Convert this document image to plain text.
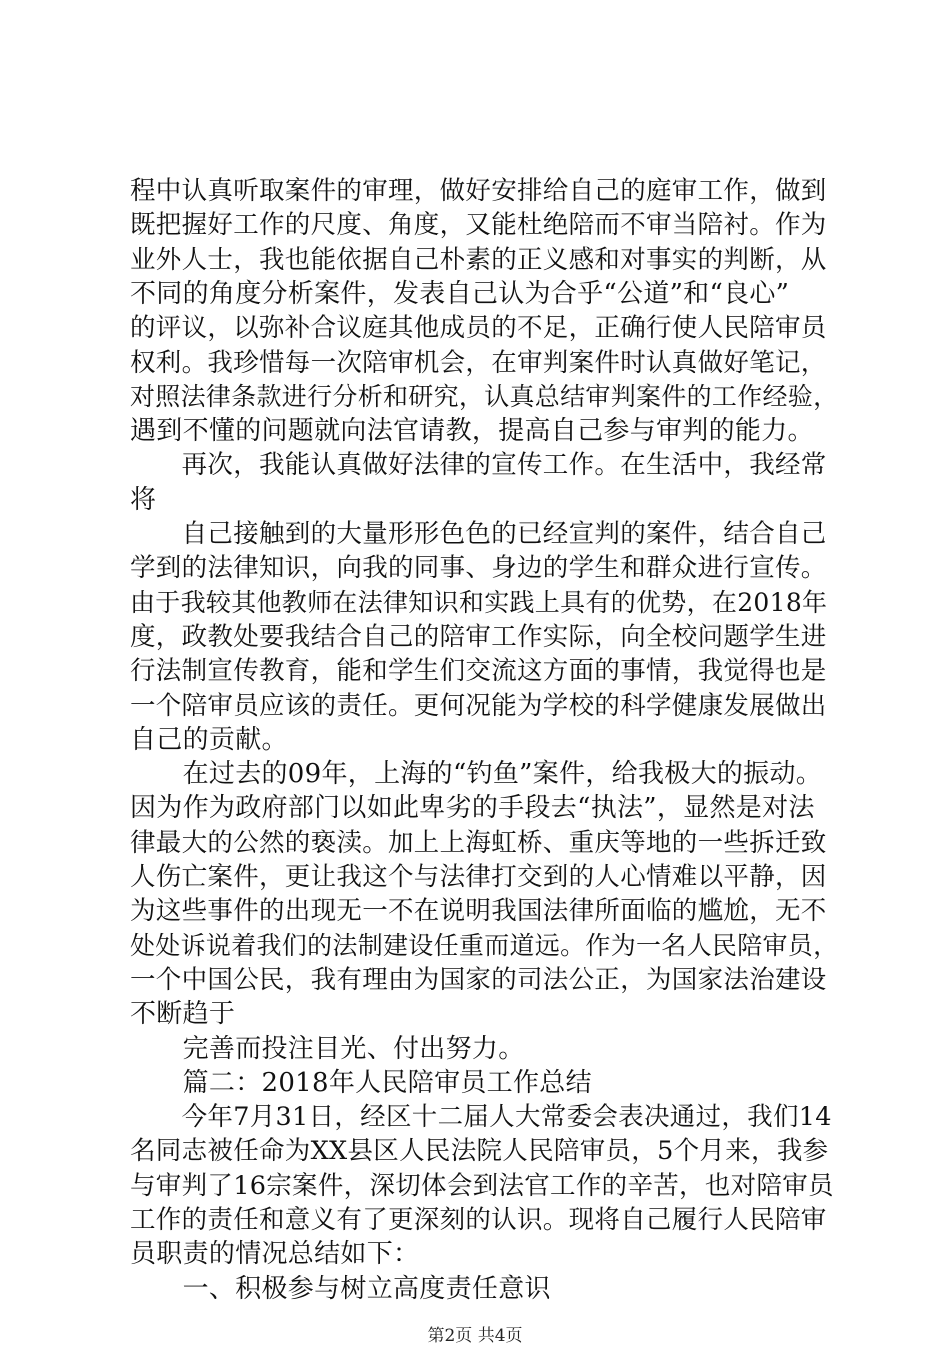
程中认真听取案件的审理，做好安排给自己的庭审工作，做到
既把握好工作的尺度、角度，又能杜绝陪而不审当陪衬。作为
业外人士，我也能依据自己朴素的正义感和对事实的判断，从
不同的角度分析案件，发表自己认为合乎“公道”和“良心”
的评议，以弥补合议庭其他成员的不足，正确行使人民陪审员
权利。我珍惜每一次陪审机会，在审判案件时认真做好笔记，
对照法律条款进行分析和研究，认真总结审判案件的工作经验，
遇到不懂的问题就向法官请教，提高自己参与审判的能力。
　　再次，我能认真做好法律的宣传工作。在生活中，我经常
将
　　自己接触到的大量形形色色的已经宣判的案件，结合自己
学到的法律知识，向我的同事、身边的学生和群众进行宣传。
由于我较其他教师在法律知识和实践上具有的优势，在2018年
度，政教处要我结合自己的陪审工作实际，向全校问题学生进
行法制宣传教育，能和学生们交流这方面的事情，我觉得也是
一个陪审员应该的责任。更何况能为学校的科学健康发展做出
自己的贡献。
　　在过去的09年，上海的“钓鱼”案件，给我极大的振动。
因为作为政府部门以如此卑劣的手段去“执法”，显然是对法
律最大的公然的亵渎。加上上海虹桥、重庆等地的一些拆迁致
人伤亡案件，更让我这个与法律打交到的人心情难以平静，因
为这些事件的出现无一不在说明我国法律所面临的尴尬，无不
处处诉说着我们的法制建设任重而道远。作为一名人民陪审员，
一个中国公民，我有理由为国家的司法公正，为国家法治建设
不断趋于
　　完善而投注目光、付出努力。
　　篇二：2018年人民陪审员工作总结
　　今年7月31日，经区十二届人大常委会表决通过，我们14
名同志被任命为XX县区人民法院人民陪审员，5个月来，我参
与审判了16宗案件，深切体会到法官工作的辛苦，也对陪审员
工作的责任和意义有了更深刻的认识。现将自己履行人民陪审
员职责的情况总结如下：
　　一、积极参与树立高度责任意识
第2页 共4页
